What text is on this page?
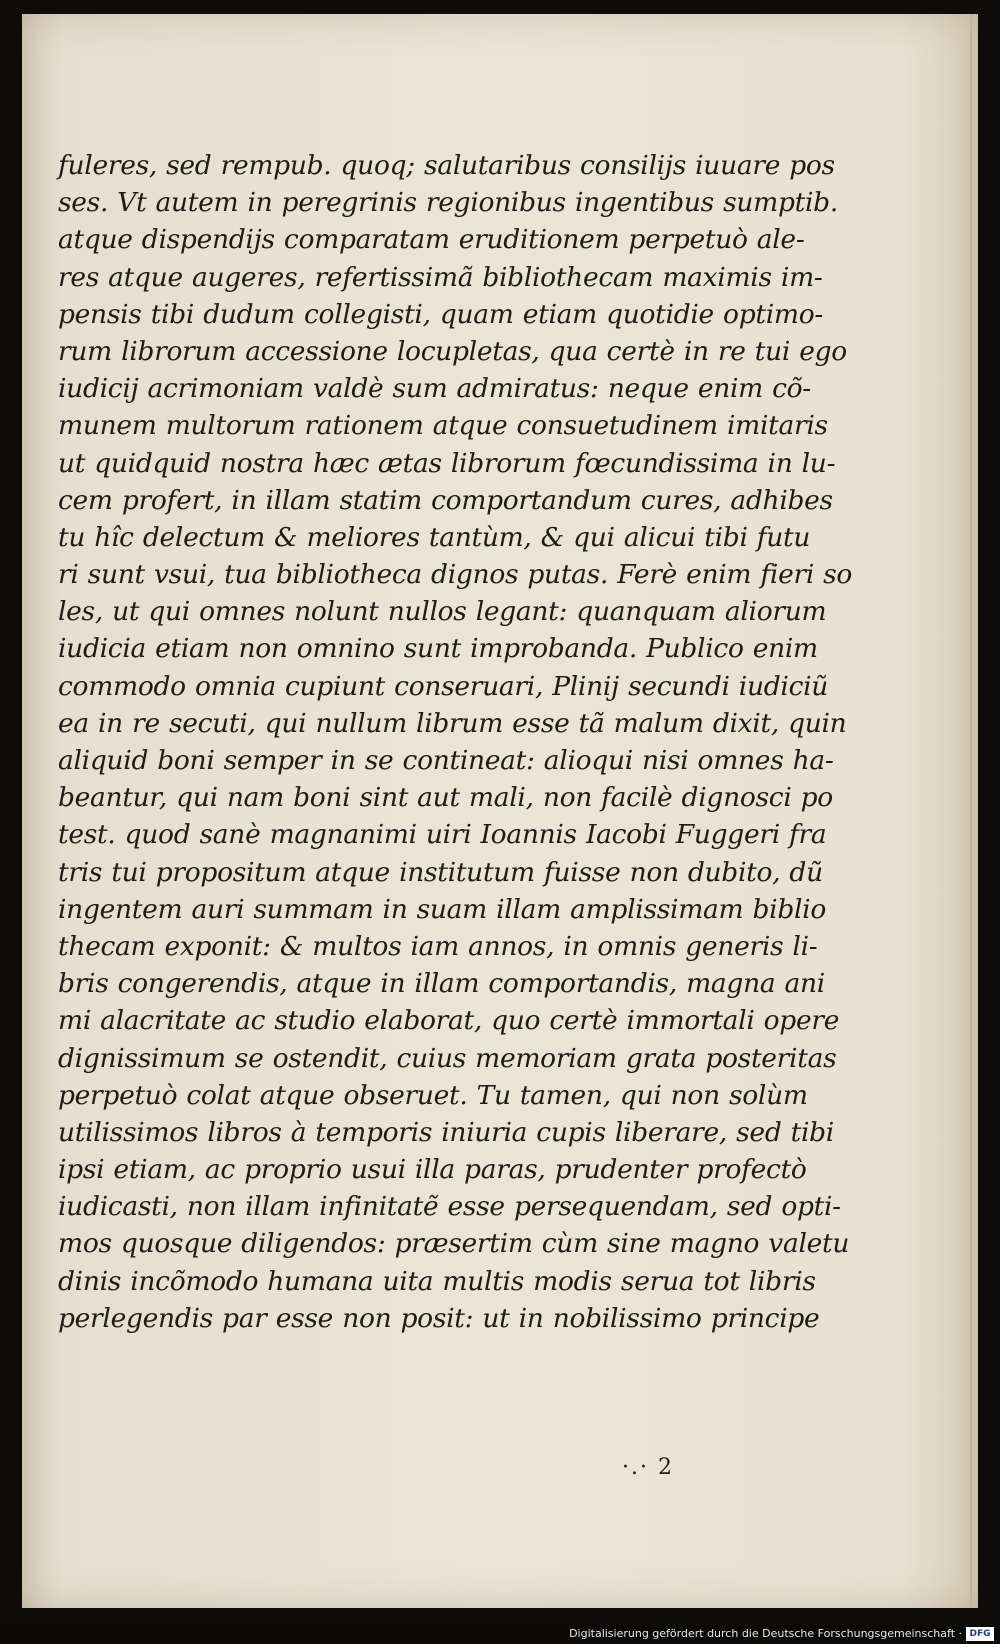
fuleres, sed rempub. quoq; salutaribus consilijs iuuare pos
ses. Vt autem in peregrinis regionibus ingentibus sumptib.
atque dispendijs comparatam eruditionem perpetuò ale-
res atque augeres, refertissimã bibliothecam maximis im-
pensis tibi dudum collegisti, quam etiam quotidie optimo-
rum librorum accessione locupletas, qua certè in re tui ego
iudicij acrimoniam valdè sum admiratus: neque enim cõ-
munem multorum rationem atque consuetudinem imitaris
ut quidquid nostra hæc ætas librorum fœcundissima in lu-
cem profert, in illam statim comportandum cures, adhibes
tu hîc delectum & meliores tantùm, & qui alicui tibi futu
ri sunt vsui, tua bibliotheca dignos putas. Ferè enim fieri so
les, ut qui omnes nolunt nullos legant: quanquam aliorum
iudicia etiam non omnino sunt improbanda. Publico enim
commodo omnia cupiunt conseruari, Plinij secundi iudiciũ
ea in re secuti, qui nullum librum esse tã malum dixit, quin
aliquid boni semper in se contineat: alioqui nisi omnes ha-
beantur, qui nam boni sint aut mali, non facilè dignosci po
test. quod sanè magnanimi uiri Ioannis Iacobi Fuggeri fra
tris tui propositum atque institutum fuisse non dubito, dũ
ingentem auri summam in suam illam amplissimam biblio
thecam exponit: & multos iam annos, in omnis generis li-
bris congerendis, atque in illam comportandis, magna ani
mi alacritate ac studio elaborat, quo certè immortali opere
dignissimum se ostendit, cuius memoriam grata posteritas
perpetuò colat atque obseruet. Tu tamen, qui non solùm
utilissimos libros à temporis iniuria cupis liberare, sed tibi
ipsi etiam, ac proprio usui illa paras, prudenter profectò
iudicasti, non illam infinitatẽ esse persequendam, sed opti-
mos quosque diligendos: præsertim cùm sine magno valetu
dinis incõmodo humana uita multis modis serua tot libris
perlegendis par esse non posit: ut in nobilissimo principe
·.· 2
Digitalisierung gefördert durch die Deutsche Forschungsgemeinschaft · DFG
